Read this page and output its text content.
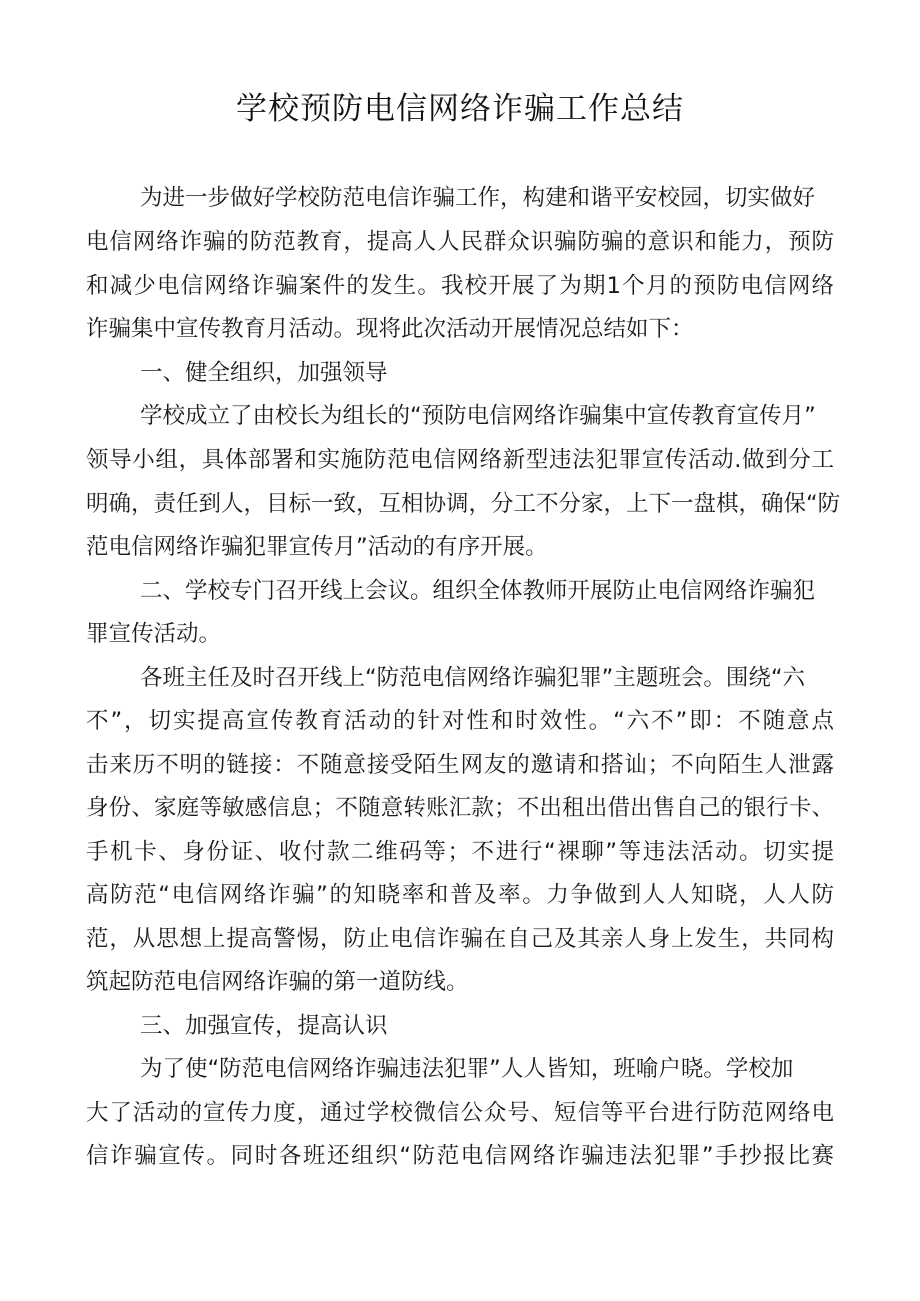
学校预防电信网络诈骗工作总结
为进一步做好学校防范电信诈骗工作，构建和谐平安校园，切实做好
电信网络诈骗的防范教育，提高人人民群众识骗防骗的意识和能力，预防
和减少电信网络诈骗案件的发生。我校开展了为期1个月的预防电信网络
诈骗集中宣传教育月活动。现将此次活动开展情况总结如下：
一、健全组织，加强领导
学校成立了由校长为组长的“预防电信网络诈骗集中宣传教育宣传月”
领导小组，具体部署和实施防范电信网络新型违法犯罪宣传活动.做到分工
明确，责任到人，目标一致，互相协调，分工不分家，上下一盘棋，确保“防
范电信网络诈骗犯罪宣传月”活动的有序开展。
二、学校专门召开线上会议。组织全体教师开展防止电信网络诈骗犯
罪宣传活动。
各班主任及时召开线上“防范电信网络诈骗犯罪”主题班会。围绕“六
不”，切实提高宣传教育活动的针对性和时效性。“六不”即：不随意点
击来历不明的链接：不随意接受陌生网友的邀请和搭讪；不向陌生人泄露
身份、家庭等敏感信息；不随意转账汇款；不出租出借出售自己的银行卡、
手机卡、身份证、收付款二维码等；不进行“裸聊”等违法活动。切实提
高防范“电信网络诈骗”的知晓率和普及率。力争做到人人知晓，人人防
范，从思想上提高警惕，防止电信诈骗在自己及其亲人身上发生，共同构
筑起防范电信网络诈骗的第一道防线。
三、加强宣传，提高认识
为了使“防范电信网络诈骗违法犯罪”人人皆知，班喻户晓。学校加
大了活动的宣传力度，通过学校微信公众号、短信等平台进行防范网络电
信诈骗宣传。同时各班还组织“防范电信网络诈骗违法犯罪”手抄报比赛
